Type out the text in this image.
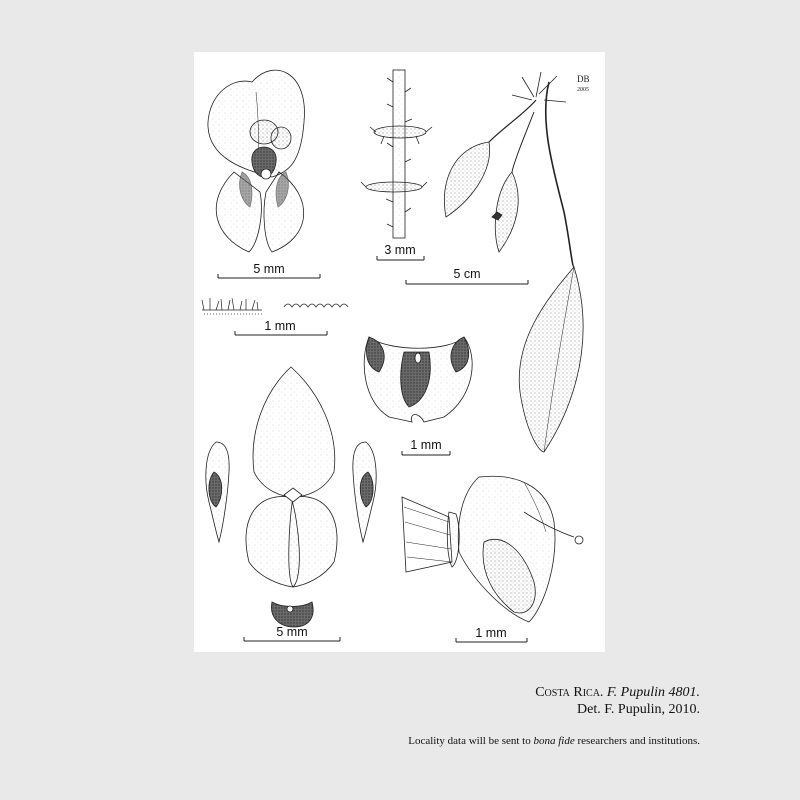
5 mm
3 mm
DB
2005
5 cm
1 mm
1 mm
5 mm	1 mm
Costa Rica. F. Pupulin 4801.
Det. F. Pupulin, 2010.
Locality data will be sent to bona fide researchers and institutions.
